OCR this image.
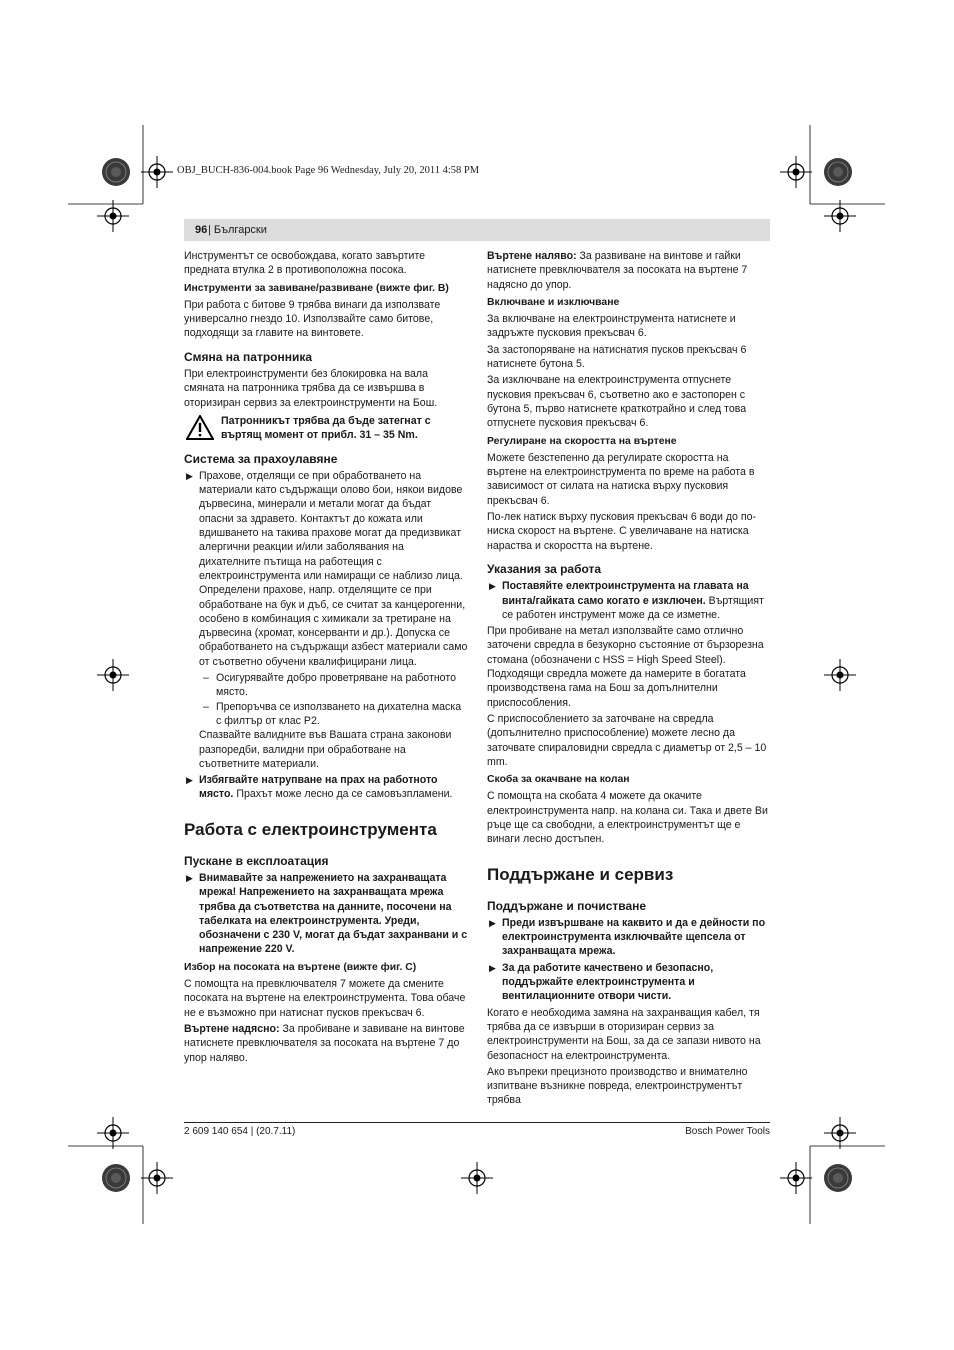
OBJ_BUCH-836-004.book Page 96 Wednesday, July 20, 2011 4:58 PM
96 | Български

Инструментът се освобождава, когато завъртите предната втулка 2 в противоположна посока.

Инструменти за завиване/развиване (вижте фиг. B)

При работа с битове 9 трябва винаги да използвате универсално гнездо 10. Използвайте само битове, подходящи за главите на винтовете.

Смяна на патронника

При електроинструменти без блокировка на вала смяната на патронника трябва да се извършва в оторизиран сервиз за електроинструменти на Бош.

Патронникът трябва да бъде затегнат с въртящ момент от прибл. 31 – 35 Nm.
Система за прахоулавяне
▶ Прахове, отделящи се при обработването на материали като съдържащи олово бои, някои видове дървесина, минерали и метали могат да бъдат опасни за здравето. Контактът до кожата или вдишването на такива прахове могат да предизвикат алергични реакции и/или заболявания на дихателните пътища на работещия с електроинструмента или намиращи се наблизо лица. Определени прахове, напр. отделящите се при обработване на бук и дъб, се считат за канцерогенни, особено в комбинация с химикали за третиране на дървесина (хромат, консерванти и др.). Допуска се обработването на съдържащи азбест материали само от съответно обучени квалифицирани лица.
– Осигурявайте добро проветряване на работното място.
– Препоръчва се използването на дихателна маска с филтър от клас P2.

Спазвайте валидните във Вашата страна законови разпоредби, валидни при обработване на съответните материали.

▶ Избягвайте натрупване на прах на работното място. Прахът може лесно да се самовъзпламени.
Работа с електроинструмента
Пускане в експлоатация
▶ Внимавайте за напрежението на захранващата мрежа! Напрежението на захранващата мрежа трябва да съответства на данните, посочени на табелката на електроинструмента. Уреди, обозначени с 230 V, могат да бъдат захранвани и с напрежение 220 V.
Избор на посоката на въртене (вижте фиг. C)

С помощта на превключвателя 7 можете да смените посоката на въртене на електроинструмента. Това обаче не е възможно при натиснат пусков прекъсвач 6.

Въртене надясно: За пробиване и завиване на винтове натиснете превключвателя за посоката на въртене 7 до упор наляво.

Въртене наляво: За развиване на винтове и гайки натиснете превключвателя за посоката на въртене 7 надясно до упор.

Включване и изключване

За включване на електроинструмента натиснете и задръжте пусковия прекъсвач 6.

За застопоряване на натиснатия пусков прекъсвач 6 натиснете бутона 5.

За изключване на електроинструмента отпуснете пусковия прекъсвач 6, съответно ако е застопорен с бутона 5, първо натиснете краткотрайно и след това отпуснете пусковия прекъсвач 6.

Регулиране на скоростта на въртене

Можете безстепенно да регулирате скоростта на въртене на електроинструмента по време на работа в зависимост от силата на натиска върху пусковия прекъсвач 6.

По-лек натиск върху пусковия прекъсвач 6 води до по-ниска скорост на въртене. С увеличаване на натиска нараства и скоростта на въртене.

Указания за работа
▶ Поставяйте електроинструмента на главата на винта/гайката само когато е изключен. Въртящият се работен инструмент може да се изметне.

При пробиване на метал използвайте само отлично заточени свредла в безукорно състояние от бързорезна стомана (обозначени с HSS = High Speed Steel). Подходящи свредла можете да намерите в богатата производствена гама на Бош за допълнителни приспособления.

С приспособлението за заточване на свредла (допълнително приспособление) можете лесно да заточвате спираловидни свредла с диаметър от 2,5 – 10 mm.

Скоба за окачване на колан

С помощта на скобата 4 можете да окачите електроинструмента напр. на колана си. Така и двете Ви ръце ще са свободни, а електроинструментът ще е винаги лесно достъпен.

Поддържане и сервиз
Поддържане и почистване
▶ Преди извършване на каквито и да е дейности по електроинструмента изключвайте щепсела от захранващата мрежа.
▶ За да работите качествено и безопасно, поддържайте електроинструмента и вентилационните отвори чисти.

Когато е необходима замяна на захранващия кабел, тя трябва да се извърши в оторизиран сервиз за електроинструменти на Бош, за да се запази нивото на безопасност на електроинструмента.

Ако въпреки прецизното производство и внимателно изпитване възникне повреда, електроинструментът трябва

2 609 140 654 | (20.7.11)	Bosch Power Tools
